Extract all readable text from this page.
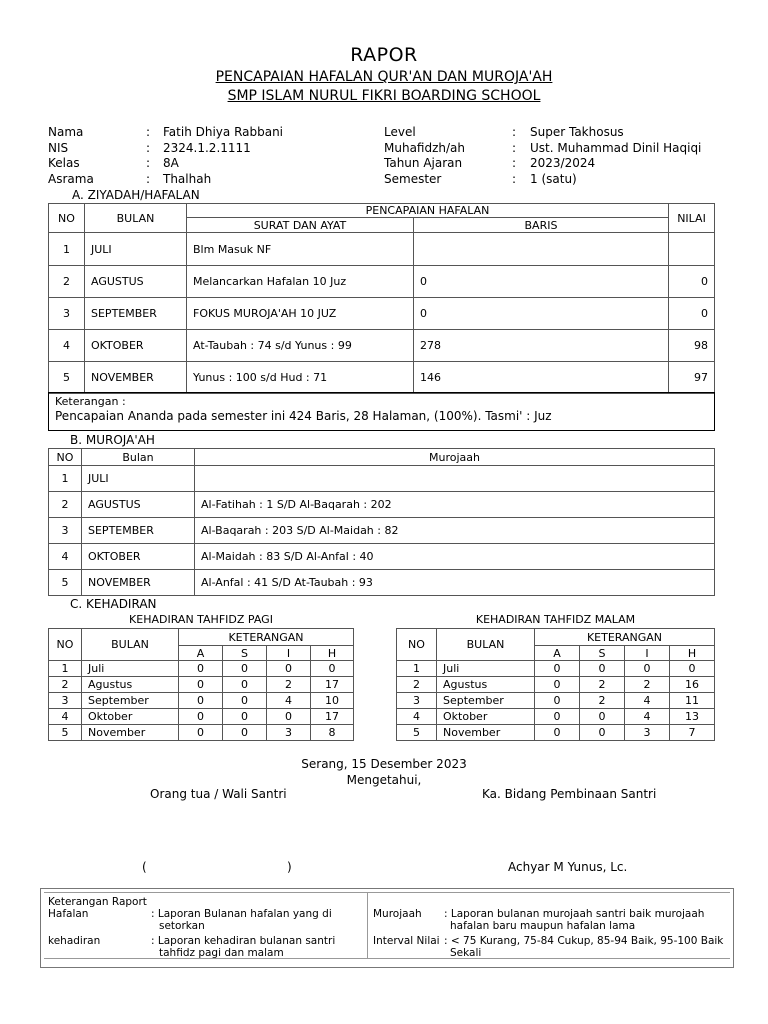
RAPOR
PENCAPAIAN HAFALAN QUR'AN DAN MUROJA'AH
SMP ISLAM NURUL FIKRI BOARDING SCHOOL
Nama	:	Fatih Dhiya Rabbani
NIS	:	2324.1.2.1111
Kelas	:	8A
Asrama	:	Thalhah
Level	:	Super Takhosus
Muhafidzh/ah	:	Ust. Muhammad Dinil Haqiqi
Tahun Ajaran	:	2023/2024
Semester	:	1 (satu)
A. ZIYADAH/HAFALAN
NO	BULAN	PENCAPAIAN HAFALAN		NILAI
		SURAT DAN AYAT	BARIS	
1	JULI	Blm Masuk NF		
2	AGUSTUS	Melancarkan Hafalan 10 Juz	0	0
3	SEPTEMBER	FOKUS MUROJA'AH 10 JUZ	0	0
4	OKTOBER	At-Taubah : 74 s/d Yunus : 99	278	98
5	NOVEMBER	Yunus : 100 s/d Hud : 71	146	97
Keterangan :
Pencapaian Ananda pada semester ini 424 Baris, 28 Halaman, (100%). Tasmi' : Juz
B. MUROJA'AH
NO	Bulan	Murojaah
1	JULI	
2	AGUSTUS	Al-Fatihah : 1 S/D Al-Baqarah : 202
3	SEPTEMBER	Al-Baqarah : 203 S/D Al-Maidah : 82
4	OKTOBER	Al-Maidah : 83 S/D Al-Anfal : 40
5	NOVEMBER	Al-Anfal : 41 S/D At-Taubah : 93
C. KEHADIRAN
KEHADIRAN TAHFIDZ PAGI	KEHADIRAN TAHFIDZ MALAM
NO	BULAN	KETERANGAN			
		A	S	I	H
1	Juli	0	0	0	0
2	Agustus	0	0	2	17
3	September	0	0	4	10
4	Oktober	0	0	0	17
5	November	0	0	3	8
NO	BULAN	KETERANGAN			
		A	S	I	H
1	Juli	0	0	0	0
2	Agustus	0	2	2	16
3	September	0	2	4	11
4	Oktober	0	0	4	13
5	November	0	0	3	7
Serang, 15 Desember 2023
Mengetahui,
Orang tua / Wali Santri	Ka. Bidang Pembinaan Santri
(	)	Achyar M Yunus, Lc.
Keterangan Raport
Hafalan	: Laporan Bulanan hafalan yang di
setorkan
kehadiran	: Laporan kehadiran bulanan santri
tahfidz pagi dan malam
Murojaah : Laporan bulanan murojaah santri baik murojaah
hafalan baru maupun hafalan lama
Interval Nilai : < 75 Kurang, 75-84 Cukup, 85-94 Baik, 95-100 Baik
Sekali
